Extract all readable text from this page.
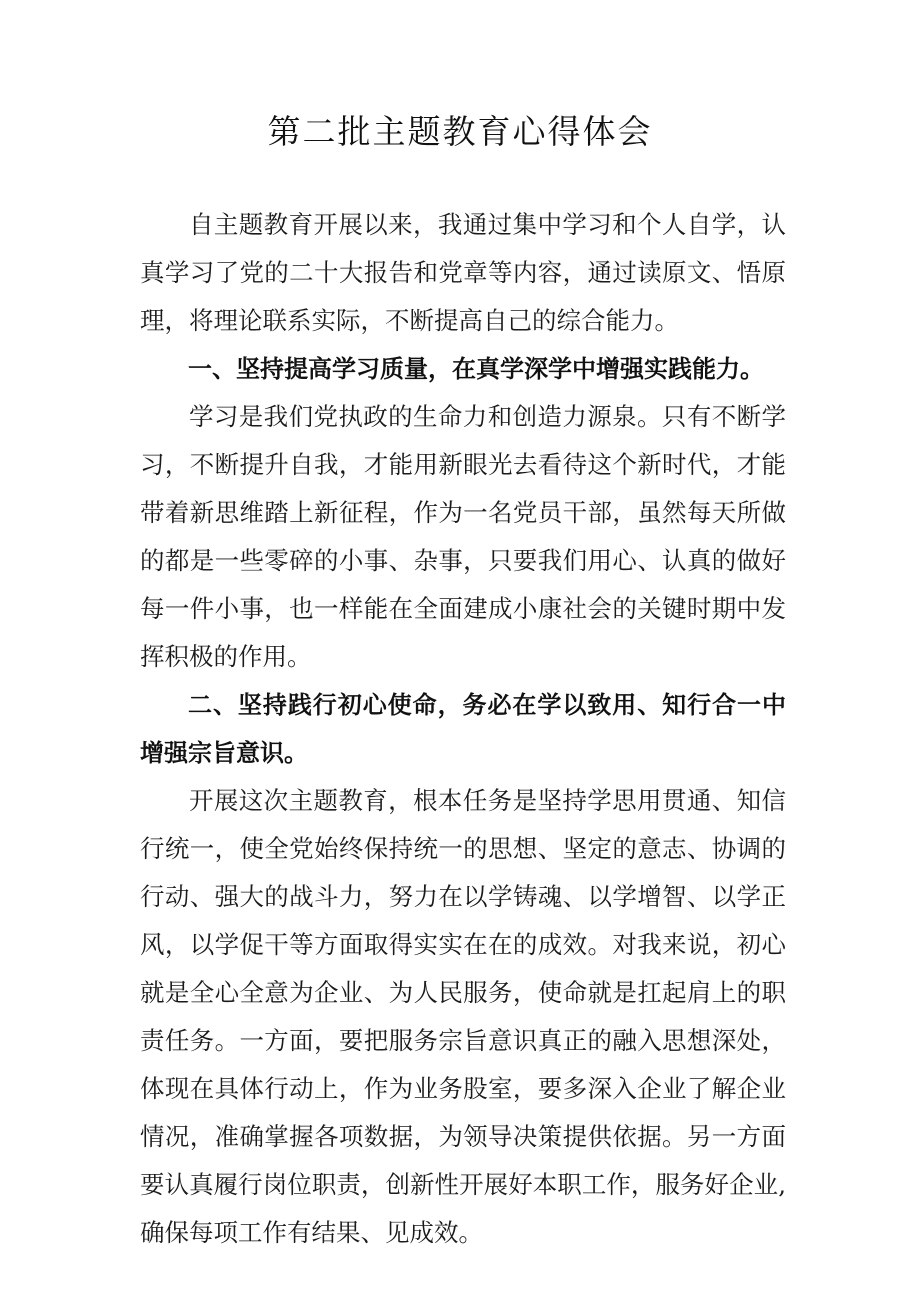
第二批主题教育心得体会

自主题教育开展以来，我通过集中学习和个人自学，认真学习了党的二十大报告和党章等内容，通过读原文、悟原理，将理论联系实际，不断提高自己的综合能力。

一、坚持提高学习质量，在真学深学中增强实践能力。

学习是我们党执政的生命力和创造力源泉。只有不断学习，不断提升自我，才能用新眼光去看待这个新时代，才能带着新思维踏上新征程，作为一名党员干部，虽然每天所做的都是一些零碎的小事、杂事，只要我们用心、认真的做好每一件小事，也一样能在全面建成小康社会的关键时期中发挥积极的作用。

二、坚持践行初心使命，务必在学以致用、知行合一中增强宗旨意识。

开展这次主题教育，根本任务是坚持学思用贯通、知信行统一，使全党始终保持统一的思想、坚定的意志、协调的行动、强大的战斗力，努力在以学铸魂、以学增智、以学正风，以学促干等方面取得实实在在的成效。对我来说，初心就是全心全意为企业、为人民服务，使命就是扛起肩上的职责任务。一方面，要把服务宗旨意识真正的融入思想深处，体现在具体行动上，作为业务股室，要多深入企业了解企业情况，准确掌握各项数据，为领导决策提供依据。另一方面要认真履行岗位职责，创新性开展好本职工作，服务好企业,确保每项工作有结果、见成效。
